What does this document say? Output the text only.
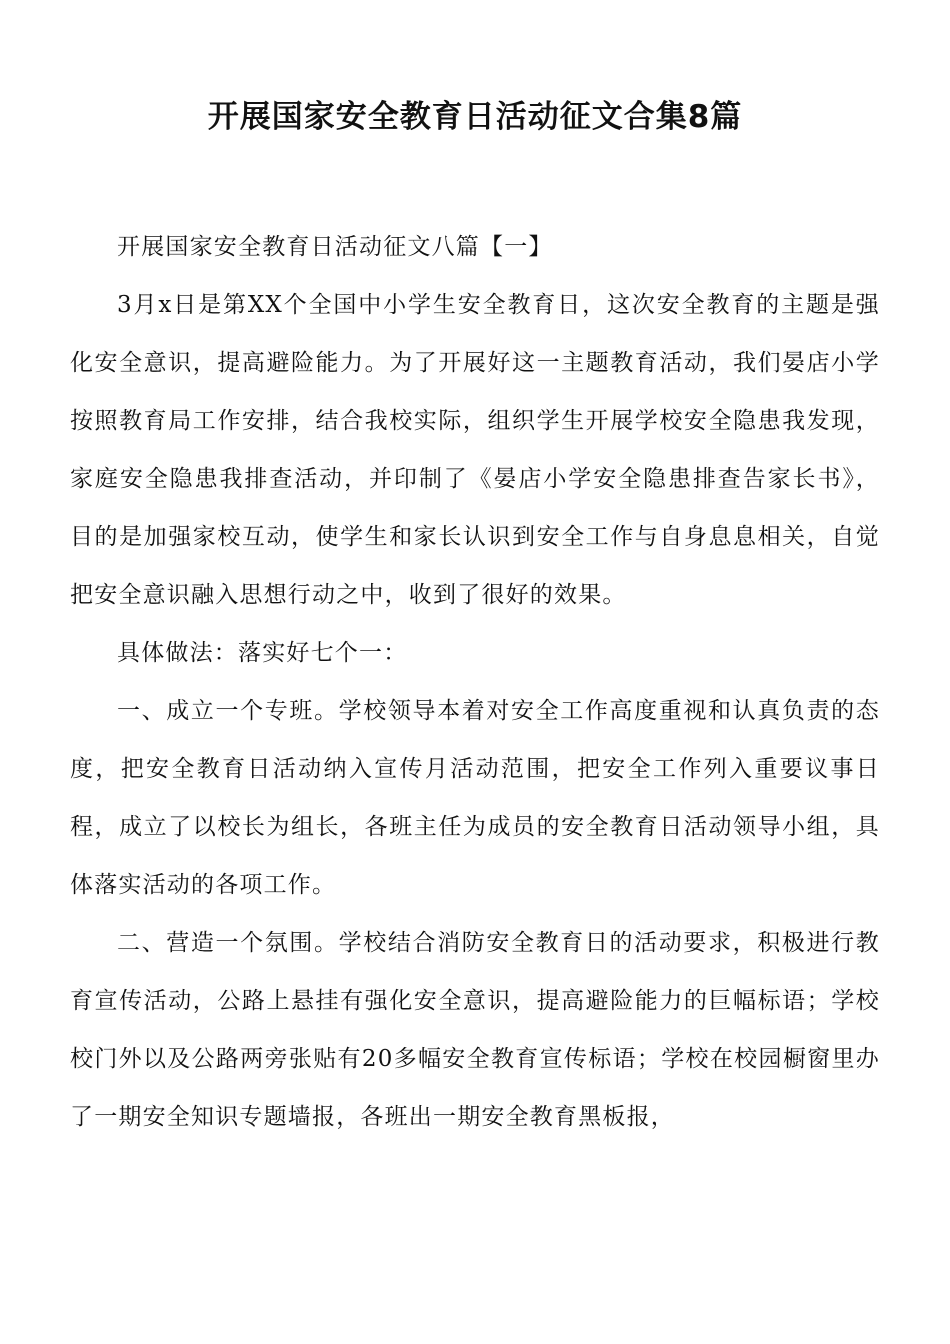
开展国家安全教育日活动征文合集8篇

开展国家安全教育日活动征文八篇【一】

3月x日是第XX个全国中小学生安全教育日，这次安全教育的主题是强化安全意识，提高避险能力。为了开展好这一主题教育活动，我们晏店小学按照教育局工作安排，结合我校实际，组织学生开展学校安全隐患我发现，家庭安全隐患我排查活动，并印制了《晏店小学安全隐患排查告家长书》，目的是加强家校互动，使学生和家长认识到安全工作与自身息息相关，自觉把安全意识融入思想行动之中，收到了很好的效果。

具体做法：落实好七个一：

一、成立一个专班。学校领导本着对安全工作高度重视和认真负责的态度，把安全教育日活动纳入宣传月活动范围，把安全工作列入重要议事日程，成立了以校长为组长，各班主任为成员的安全教育日活动领导小组，具体落实活动的各项工作。

二、营造一个氛围。学校结合消防安全教育日的活动要求，积极进行教育宣传活动，公路上悬挂有强化安全意识，提高避险能力的巨幅标语；学校校门外以及公路两旁张贴有20多幅安全教育宣传标语；学校在校园橱窗里办了一期安全知识专题墙报，各班出一期安全教育黑板报，
